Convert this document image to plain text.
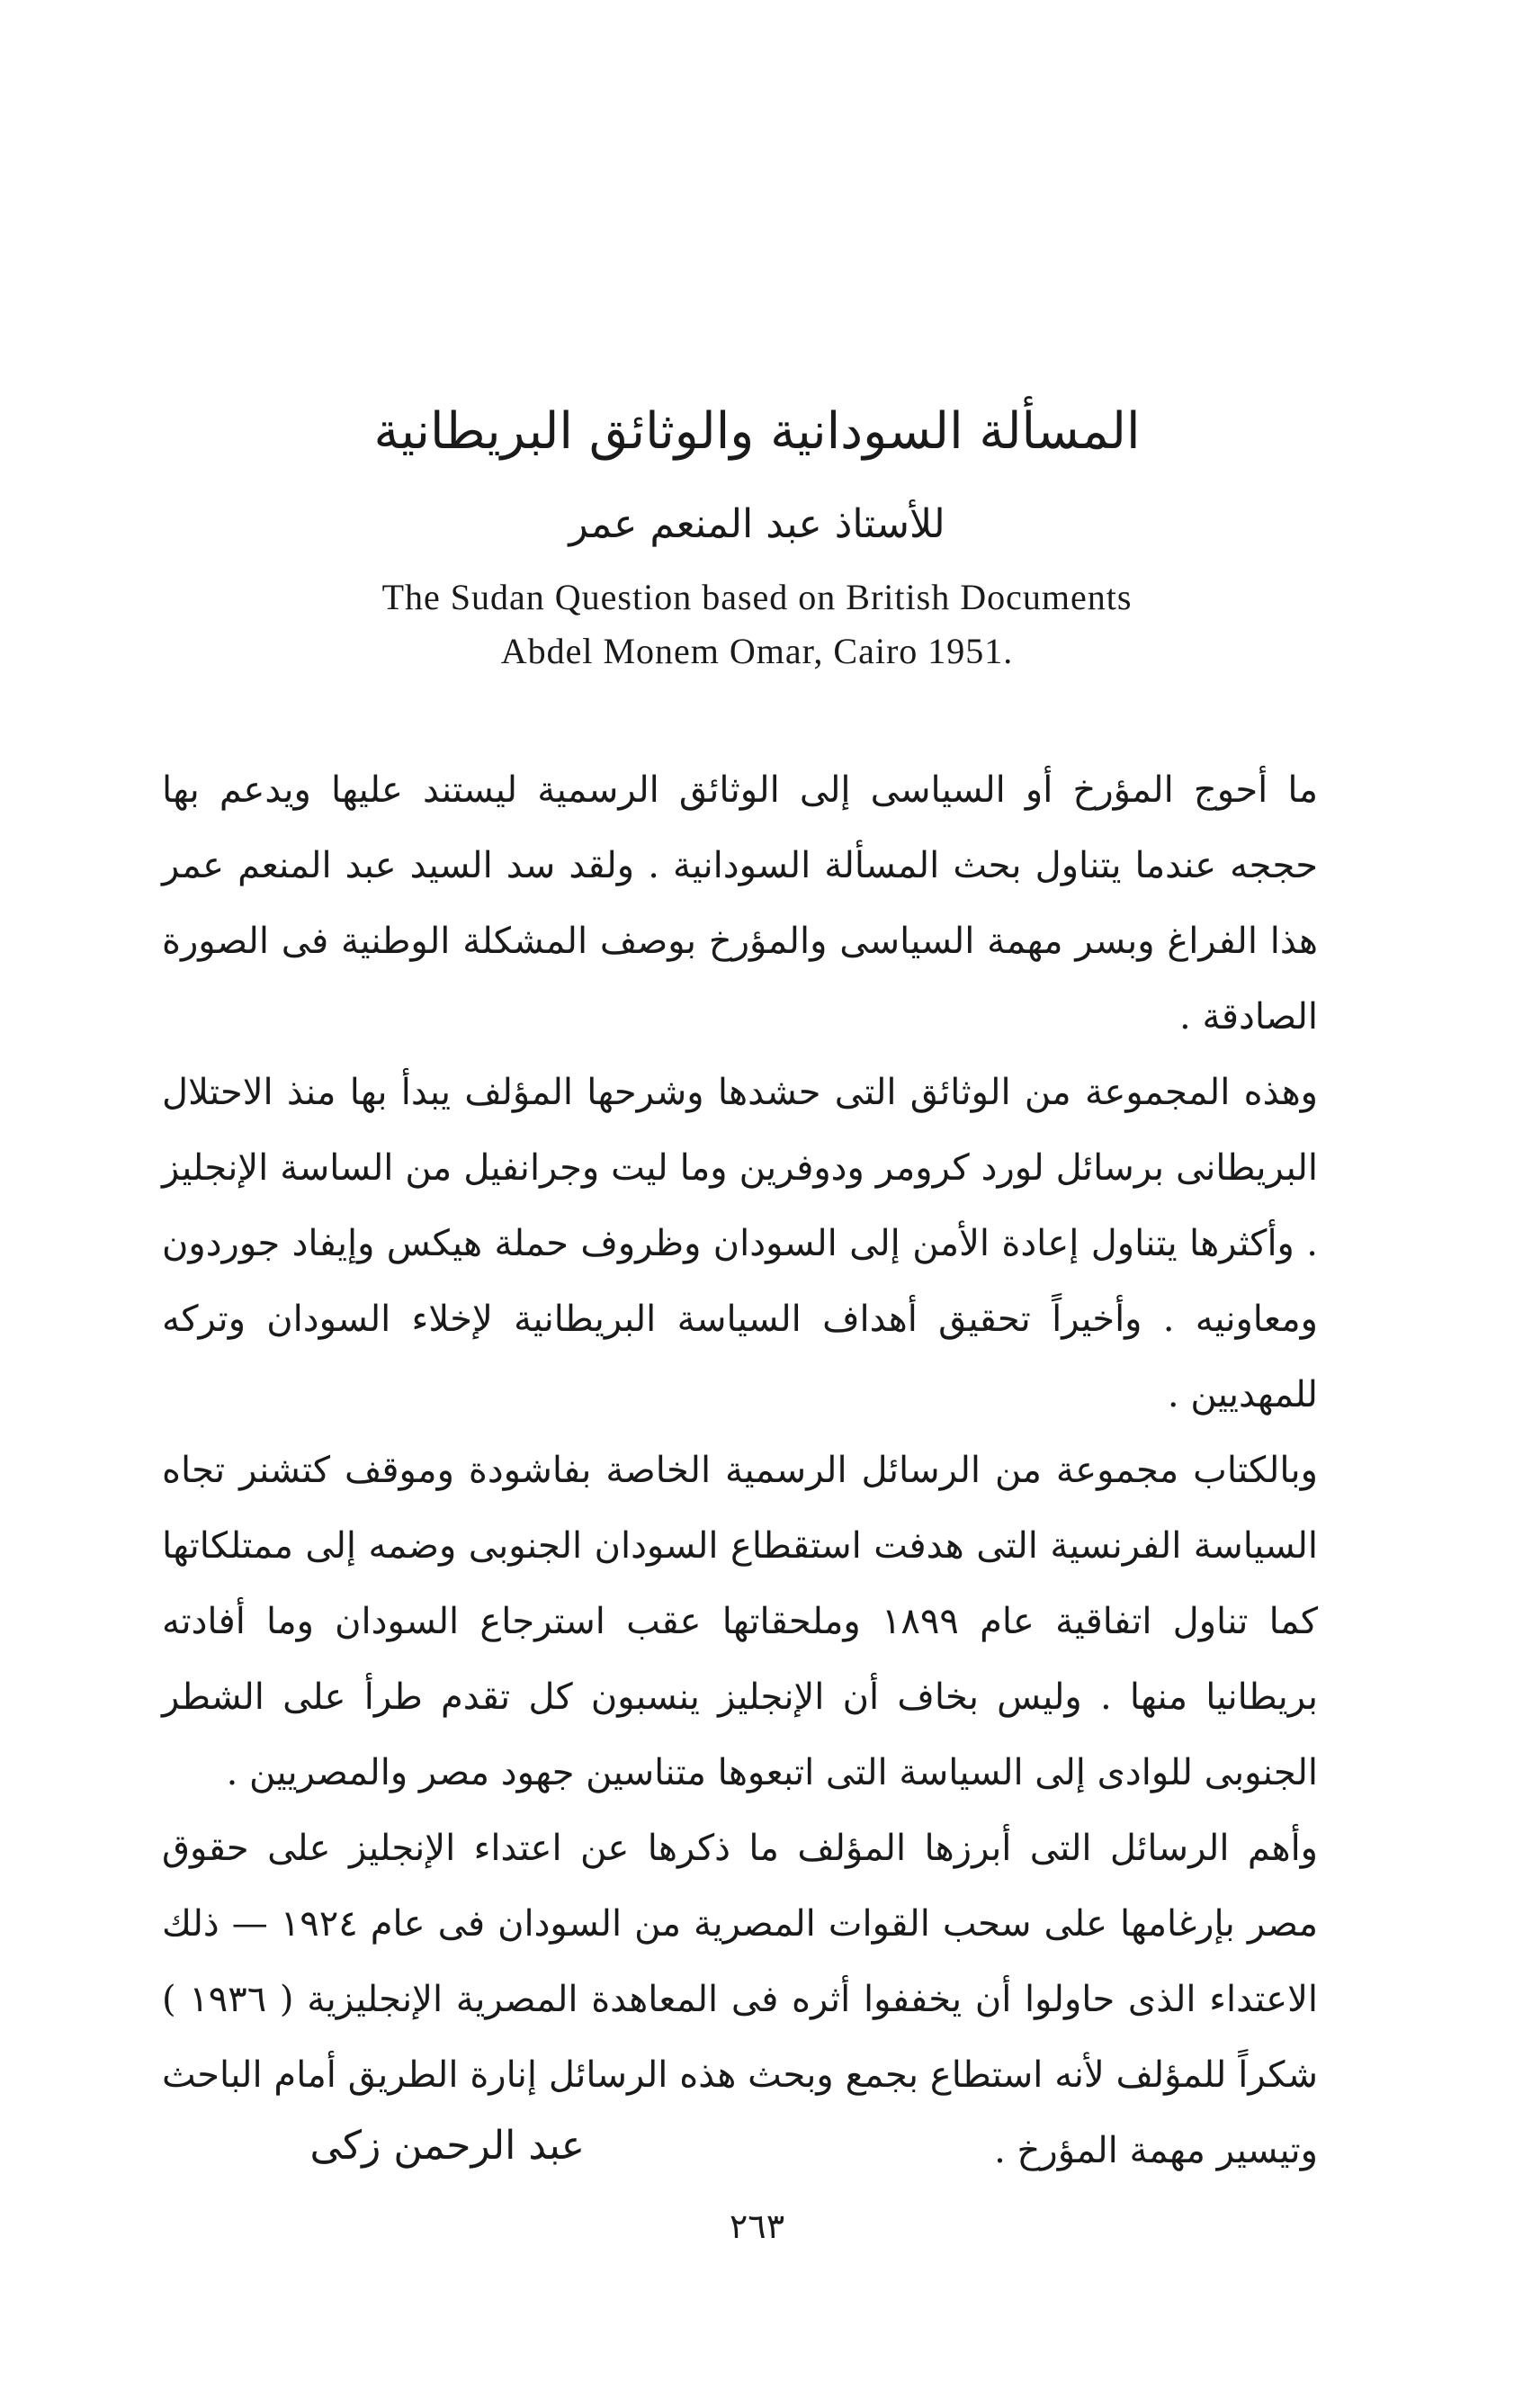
المسألة السودانية والوثائق البريطانية
للأستاذ عبد المنعم عمر
The Sudan Question based on British Documents
Abdel Monem Omar, Cairo 1951.

ما أحوج المؤرخ أو السياسى إلى الوثائق الرسمية ليستند عليها ويدعم بها حججه عندما يتناول بحث المسألة السودانية . ولقد سد السيد عبد المنعم عمر هذا الفراغ وبسر مهمة السياسى والمؤرخ بوصف المشكلة الوطنية فى الصورة الصادقة .

وهذه المجموعة من الوثائق التى حشدها وشرحها المؤلف يبدأ بها منذ الاحتلال البريطانى برسائل لورد كرومر ودوفرين وما ليت وجرانفيل من الساسة الإنجليز . وأكثرها يتناول إعادة الأمن إلى السودان وظروف حملة هيكس وإيفاد جوردون ومعاونيه . وأخيراً تحقيق أهداف السياسة البريطانية لإخلاء السودان وتركه للمهديين .

وبالكتاب مجموعة من الرسائل الرسمية الخاصة بفاشودة وموقف كتشنر تجاه السياسة الفرنسية التى هدفت استقطاع السودان الجنوبى وضمه إلى ممتلكاتها كما تناول اتفاقية عام ١٨٩٩ وملحقاتها عقب استرجاع السودان وما أفادته بريطانيا منها . وليس بخاف أن الإنجليز ينسبون كل تقدم طرأ على الشطر الجنوبى للوادى إلى السياسة التى اتبعوها متناسين جهود مصر والمصريين .

وأهم الرسائل التى أبرزها المؤلف ما ذكرها عن اعتداء الإنجليز على حقوق مصر بإرغامها على سحب القوات المصرية من السودان فى عام ١٩٢٤ — ذلك الاعتداء الذى حاولوا أن يخففوا أثره فى المعاهدة المصرية الإنجليزية ( ١٩٣٦ ) شكراً للمؤلف لأنه استطاع بجمع وبحث هذه الرسائل إنارة الطريق أمام الباحث وتيسير مهمة المؤرخ .

عبد الرحمن زكى
٢٦٣
